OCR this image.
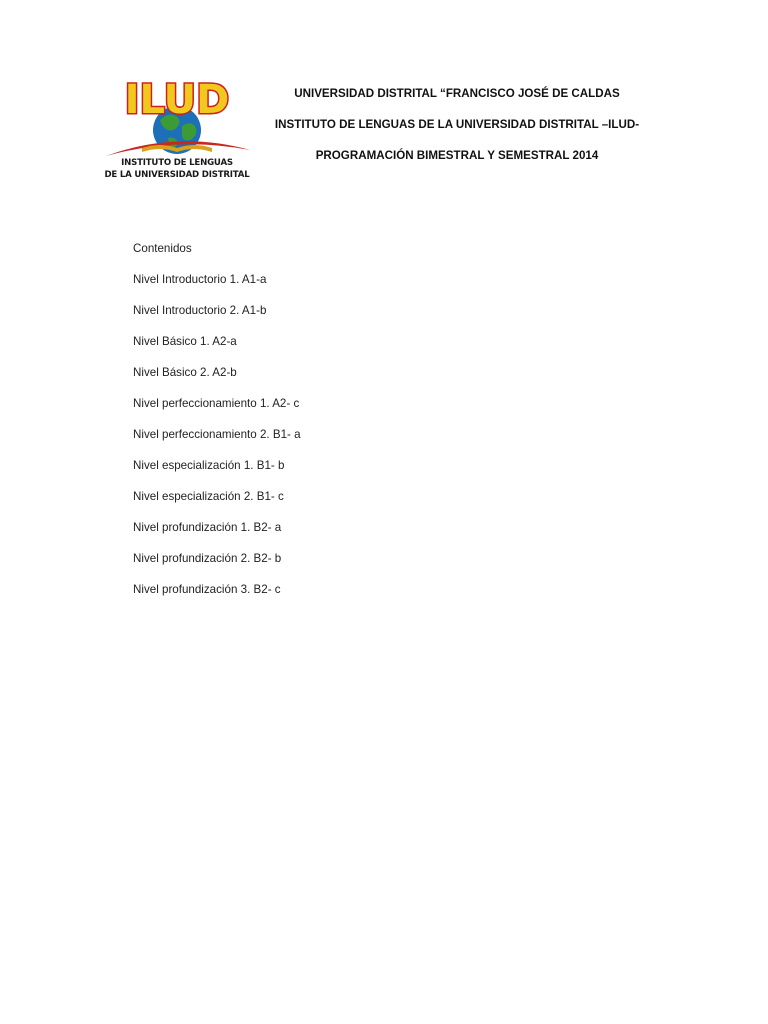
ILUD
INSTITUTO DE LENGUAS
DE LA UNIVERSIDAD DISTRITAL
UNIVERSIDAD DISTRITAL “FRANCISCO JOSÉ DE CALDAS
INSTITUTO DE LENGUAS DE LA UNIVERSIDAD DISTRITAL –ILUD-
PROGRAMACIÓN BIMESTRAL Y SEMESTRAL 2014
Contenidos
Nivel Introductorio 1. A1-a
Nivel Introductorio 2. A1-b
Nivel Básico 1. A2-a
Nivel Básico 2. A2-b
Nivel perfeccionamiento 1. A2- c
Nivel perfeccionamiento 2. B1- a
Nivel especialización 1. B1- b
Nivel especialización 2. B1- c
Nivel profundización 1. B2- a
Nivel profundización 2. B2- b
Nivel profundización 3. B2- c
